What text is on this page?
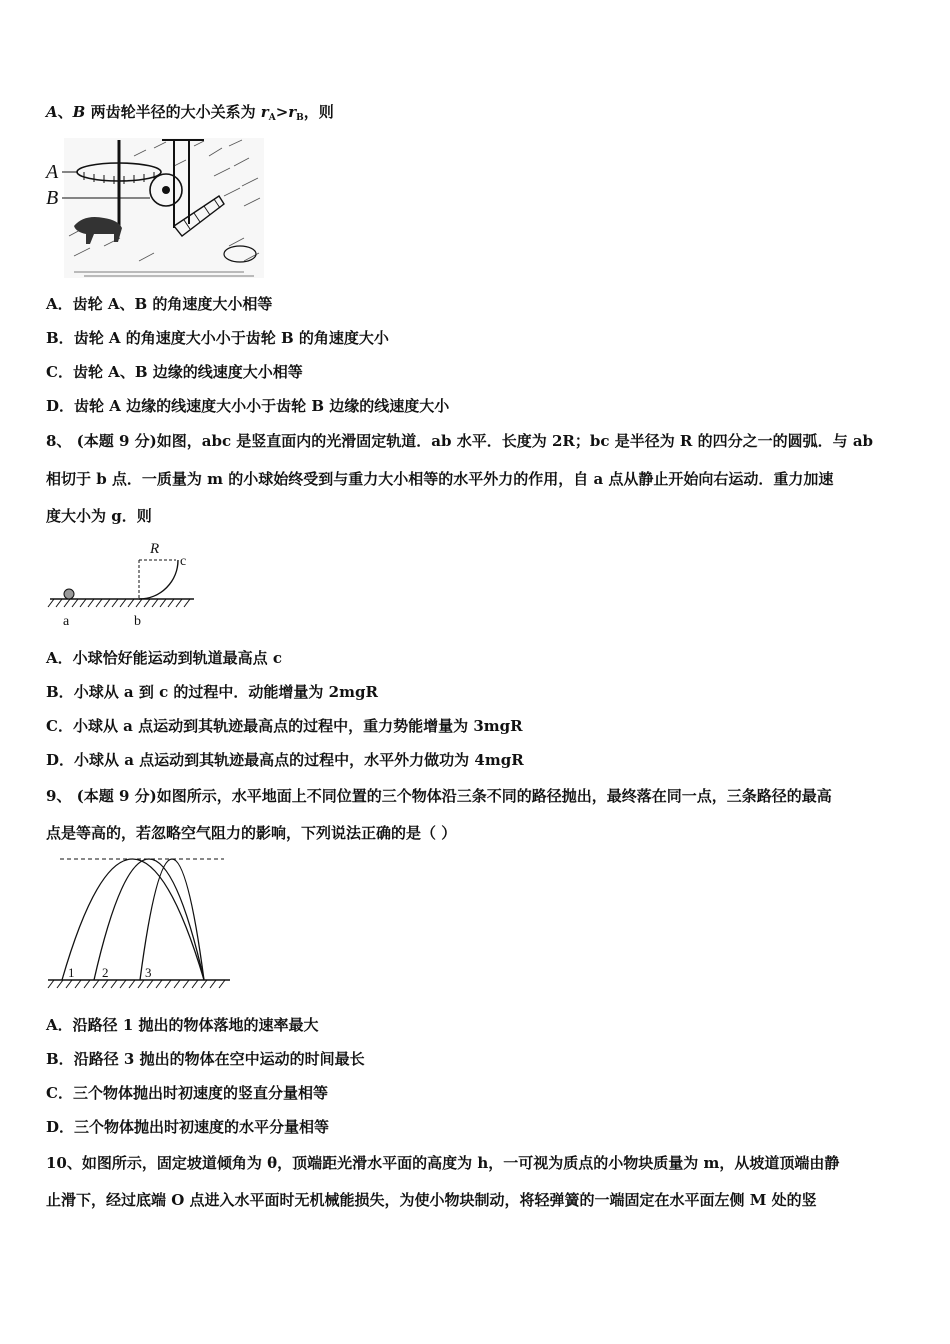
A、B 两齿轮半径的大小关系为 $r_A>r_B$，则
A
B
A．齿轮 A、B 的角速度大小相等
B．齿轮 A 的角速度大小小于齿轮 B 的角速度大小
C．齿轮 A、B 边缘的线速度大小相等
D．齿轮 A 边缘的线速度大小小于齿轮 B 边缘的线速度大小
8、 (本题 9 分)如图，abc 是竖直面内的光滑固定轨道．ab 水平．长度为 2R；bc 是半径为 R 的四分之一的圆弧．与 ab
相切于 b 点．一质量为 m 的小球始终受到与重力大小相等的水平外力的作用，自 a 点从静止开始向右运动．重力加速
度大小为 g．则
R
c
a	b
A．小球恰好能运动到轨道最高点 c
B．小球从 a 到 c 的过程中．动能增量为 2mgR
C．小球从 a 点运动到其轨迹最高点的过程中，重力势能增量为 3mgR
D．小球从 a 点运动到其轨迹最高点的过程中，水平外力做功为 4mgR
9、 (本题 9 分)如图所示，水平地面上不同位置的三个物体沿三条不同的路径抛出，最终落在同一点，三条路径的最高
点是等高的，若忽略空气阻力的影响，下列说法正确的是（ ）
1 2	3
A．沿路径 1 抛出的物体落地的速率最大
B．沿路径 3 抛出的物体在空中运动的时间最长
C．三个物体抛出时初速度的竖直分量相等
D．三个物体抛出时初速度的水平分量相等
10、如图所示，固定坡道倾角为 θ，顶端距光滑水平面的高度为 h，一可视为质点的小物块质量为 m，从坡道顶端由静
止滑下，经过底端 O 点进入水平面时无机械能损失，为使小物块制动，将轻弹簧的一端固定在水平面左侧 M 处的竖
